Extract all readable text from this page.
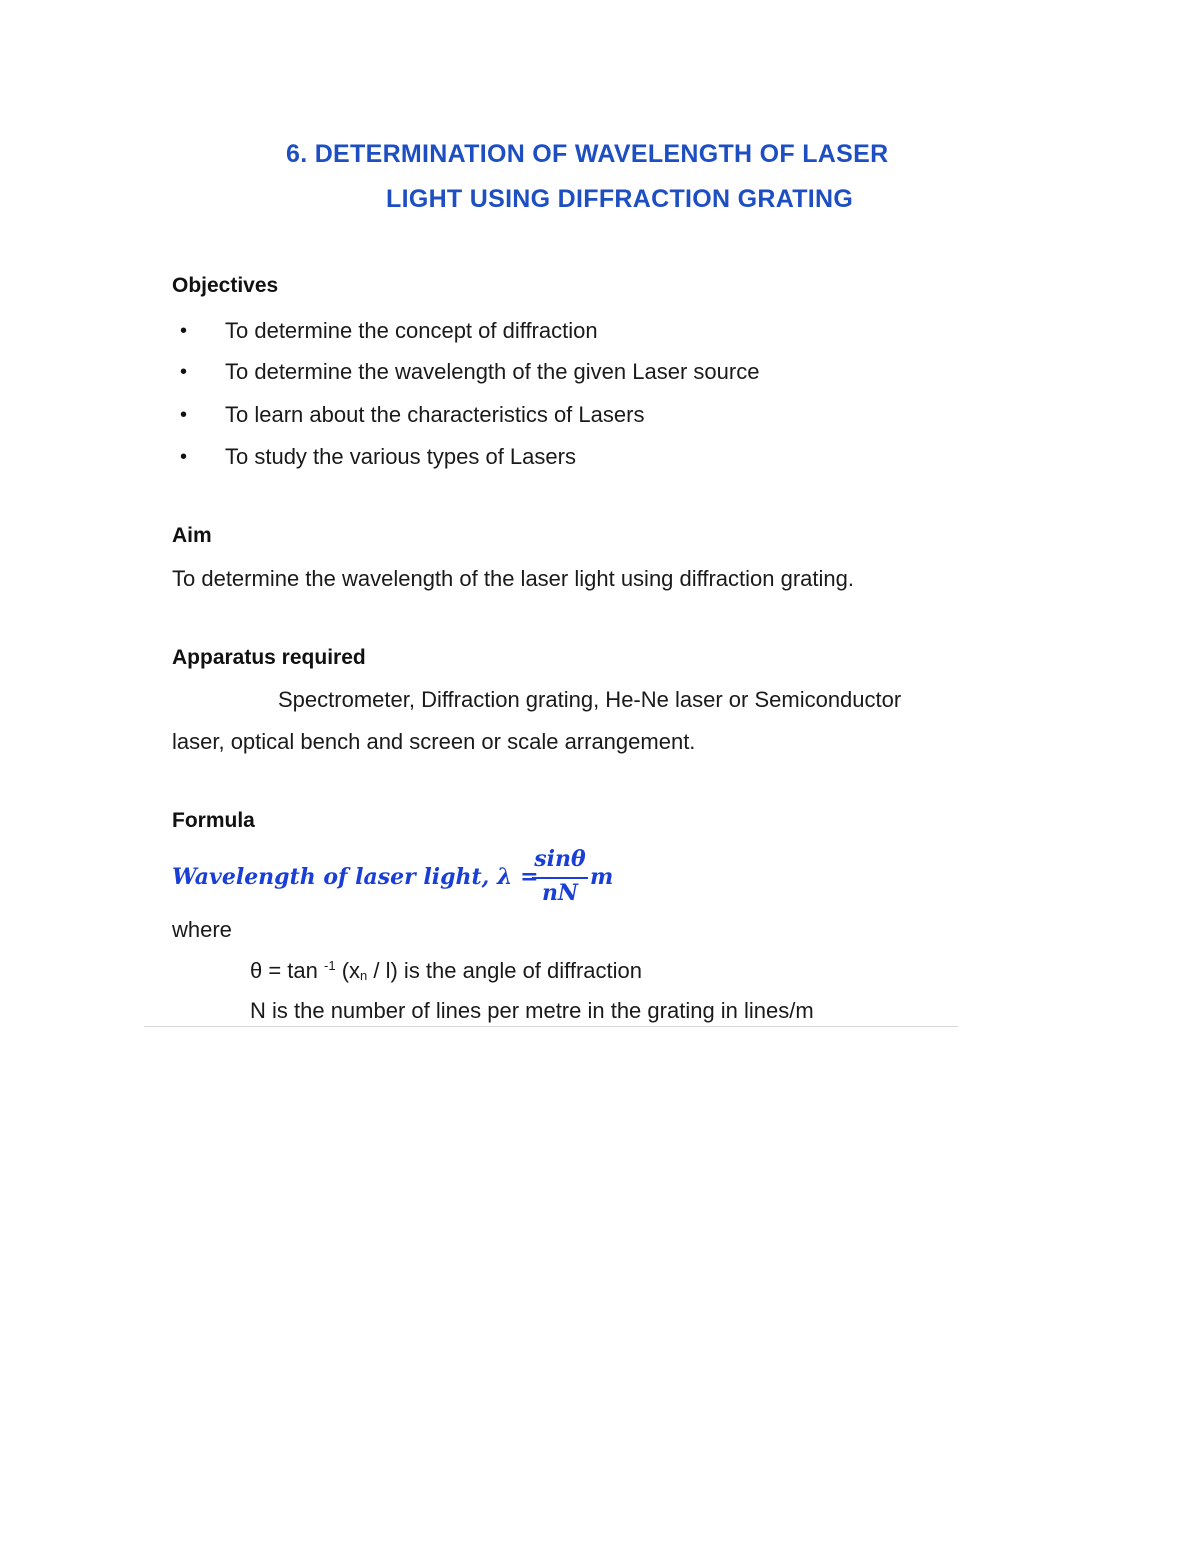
6. DETERMINATION OF WAVELENGTH OF LASER
LIGHT USING DIFFRACTION GRATING
Objectives
• To determine the concept of diffraction
• To determine the wavelength of the given Laser source
• To learn about the characteristics of Lasers
• To study the various types of Lasers
Aim
To determine the wavelength of the laser light using diffraction grating.
Apparatus required
Spectrometer, Diffraction grating, He-Ne laser or Semiconductor
laser, optical bench and screen or scale arrangement.
Formula
Wavelength of laser light, λ =
sinθ
nN
m
where
θ = tan $^{-1}$ $(x_n / l)$ is the angle of diffraction
N is the number of lines per metre in the grating in lines/m
